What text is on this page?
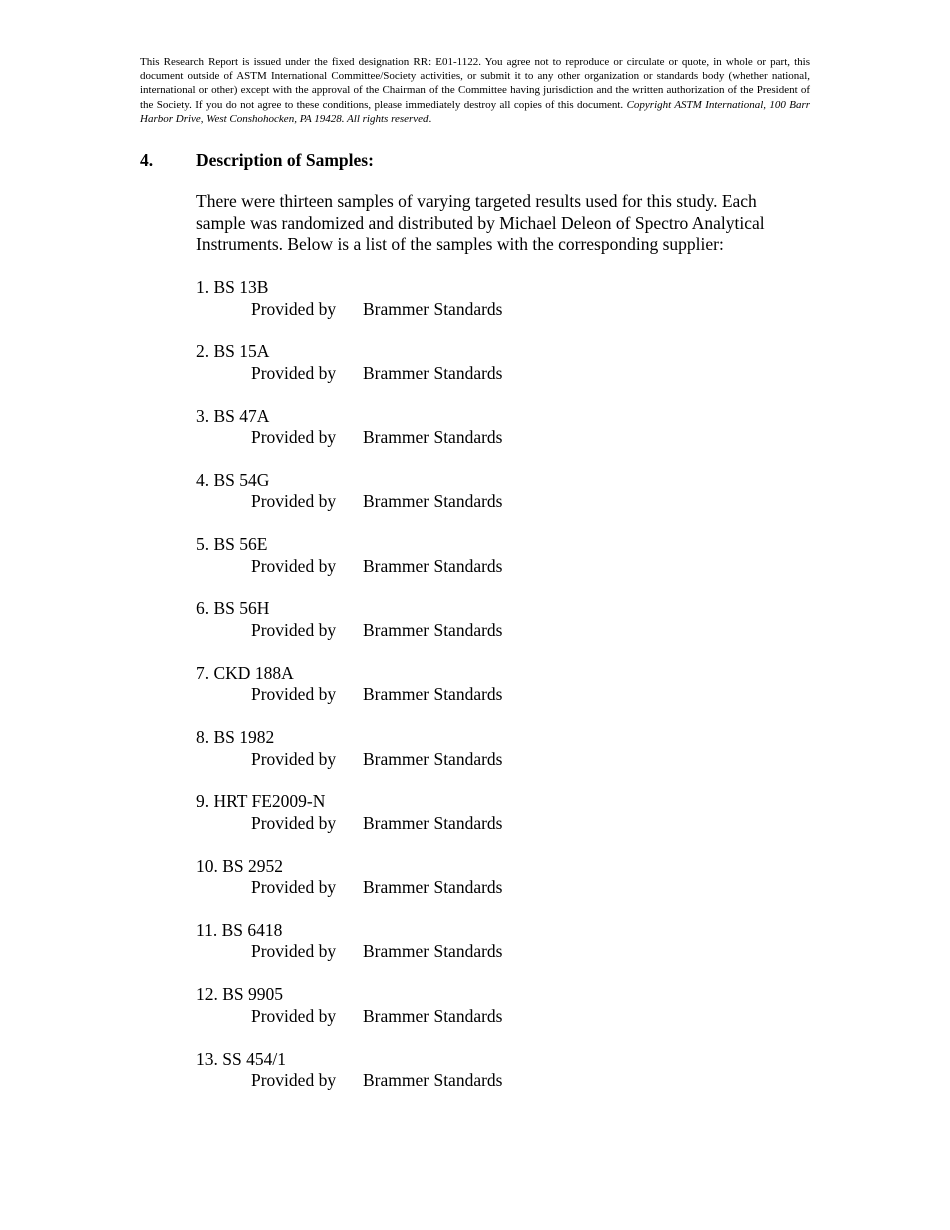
This Research Report is issued under the fixed designation RR: E01-1122. You agree not to reproduce or circulate or quote, in whole or part, this document outside of ASTM International Committee/Society activities, or submit it to any other organization or standards body (whether national, international or other) except with the approval of the Chairman of the Committee having jurisdiction and the written authorization of the President of the Society. If you do not agree to these conditions, please immediately destroy all copies of this document. Copyright ASTM International, 100 Barr Harbor Drive, West Conshohocken, PA 19428. All rights reserved.
4. Description of Samples:
There were thirteen samples of varying targeted results used for this study. Each sample was randomized and distributed by Michael Deleon of Spectro Analytical Instruments. Below is a list of the samples with the corresponding supplier:
1. BS 13B
Provided by Brammer Standards
2. BS 15A
Provided by Brammer Standards
3. BS 47A
Provided by Brammer Standards
4. BS 54G
Provided by Brammer Standards
5. BS 56E
Provided by Brammer Standards
6. BS 56H
Provided by Brammer Standards
7. CKD 188A
Provided by Brammer Standards
8. BS 1982
Provided by Brammer Standards
9. HRT FE2009-N
Provided by Brammer Standards
10. BS 2952
Provided by Brammer Standards
11. BS 6418
Provided by Brammer Standards
12. BS 9905
Provided by Brammer Standards
13. SS 454/1
Provided by Brammer Standards
